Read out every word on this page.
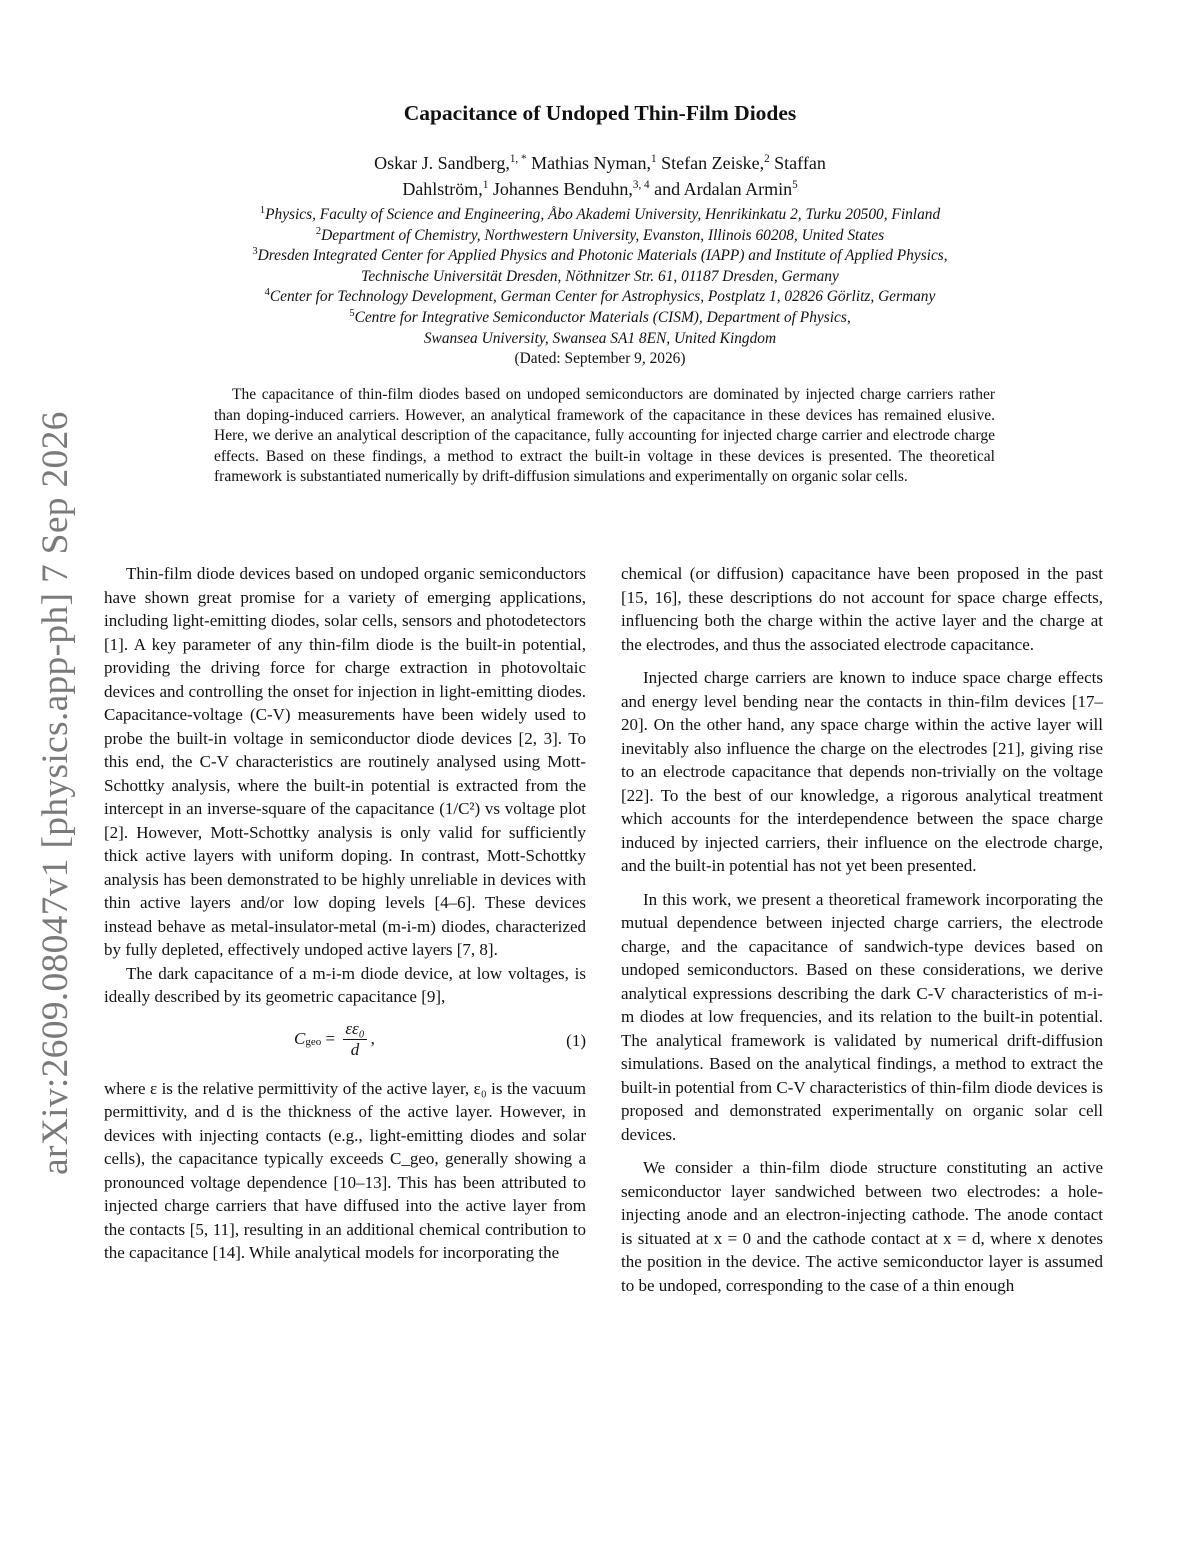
arXiv:2609.08047v1 [physics.app-ph] 7 Sep 2026
Capacitance of Undoped Thin-Film Diodes
Oskar J. Sandberg,$^{1, *}$ Mathias Nyman,$^1$ Stefan Zeiske,$^2$ Staffan
Dahlström,$^1$ Johannes Benduhn,$^{3, 4}$ and Ardalan Armin$^5$
$^1$Physics, Faculty of Science and Engineering, Åbo Akademi University, Henrikinkatu 2, Turku 20500, Finland
$^2$Department of Chemistry, Northwestern University, Evanston, Illinois 60208, United States
$^3$Dresden Integrated Center for Applied Physics and Photonic Materials (IAPP) and Institute of Applied Physics,
Technische Universität Dresden, Nöthnitzer Str. 61, 01187 Dresden, Germany
$^4$Center for Technology Development, German Center for Astrophysics, Postplatz 1, 02826 Görlitz, Germany
$^5$Centre for Integrative Semiconductor Materials (CISM), Department of Physics,
Swansea University, Swansea SA1 8EN, United Kingdom
(Dated: September 9, 2026)
The capacitance of thin-film diodes based on undoped semiconductors are dominated by injected charge carriers rather than doping-induced carriers. However, an analytical framework of the capacitance in these devices has remained elusive. Here, we derive an analytical description of the capacitance, fully accounting for injected charge carrier and electrode charge effects. Based on these findings, a method to extract the built-in voltage in these devices is presented. The theoretical framework is substantiated numerically by drift-diffusion simulations and experimentally on organic solar cells.

Thin-film diode devices based on undoped organic semiconductors have shown great promise for a variety of emerging applications, including light-emitting diodes, solar cells, sensors and photodetectors [1]. A key parameter of any thin-film diode is the built-in potential, providing the driving force for charge extraction in photovoltaic devices and controlling the onset for injection in light-emitting diodes. Capacitance-voltage (C-V) measurements have been widely used to probe the built-in voltage in semiconductor diode devices [2, 3]. To this end, the C-V characteristics are routinely analysed using Mott-Schottky analysis, where the built-in potential is extracted from the intercept in an inverse-square of the capacitance (1/C²) vs voltage plot [2]. However, Mott-Schottky analysis is only valid for sufficiently thick active layers with uniform doping. In contrast, Mott-Schottky analysis has been demonstrated to be highly unreliable in devices with thin active layers and/or low doping levels [4–6]. These devices instead behave as metal-insulator-metal (m-i-m) diodes, characterized by fully depleted, effectively undoped active layers [7, 8].

The dark capacitance of a m-i-m diode device, at low voltages, is ideally described by its geometric capacitance [9],

$C_{geo} = \frac{\text{εε₀}}{d}$ ,	(1)

where ε is the relative permittivity of the active layer, ε₀ is the vacuum permittivity, and d is the thickness of the active layer. However, in devices with injecting contacts (e.g., light-emitting diodes and solar cells), the capacitance typically exceeds C_geo, generally showing a pronounced voltage dependence [10–13]. This has been attributed to injected charge carriers that have diffused into the active layer from the contacts [5, 11], resulting in an additional chemical contribution to the capacitance [14]. While analytical models for incorporating the

chemical (or diffusion) capacitance have been proposed in the past [15, 16], these descriptions do not account for space charge effects, influencing both the charge within the active layer and the charge at the electrodes, and thus the associated electrode capacitance.

Injected charge carriers are known to induce space charge effects and energy level bending near the contacts in thin-film devices [17–20]. On the other hand, any space charge within the active layer will inevitably also influence the charge on the electrodes [21], giving rise to an electrode capacitance that depends non-trivially on the voltage [22]. To the best of our knowledge, a rigorous analytical treatment which accounts for the interdependence between the space charge induced by injected carriers, their influence on the electrode charge, and the built-in potential has not yet been presented.

In this work, we present a theoretical framework incorporating the mutual dependence between injected charge carriers, the electrode charge, and the capacitance of sandwich-type devices based on undoped semiconductors. Based on these considerations, we derive analytical expressions describing the dark C-V characteristics of m-i-m diodes at low frequencies, and its relation to the built-in potential. The analytical framework is validated by numerical drift-diffusion simulations. Based on the analytical findings, a method to extract the built-in potential from C-V characteristics of thin-film diode devices is proposed and demonstrated experimentally on organic solar cell devices.

We consider a thin-film diode structure constituting an active semiconductor layer sandwiched between two electrodes: a hole-injecting anode and an electron-injecting cathode. The anode contact is situated at x = 0 and the cathode contact at x = d, where x denotes the position in the device. The active semiconductor layer is assumed to be undoped, corresponding to the case of a thin enough
